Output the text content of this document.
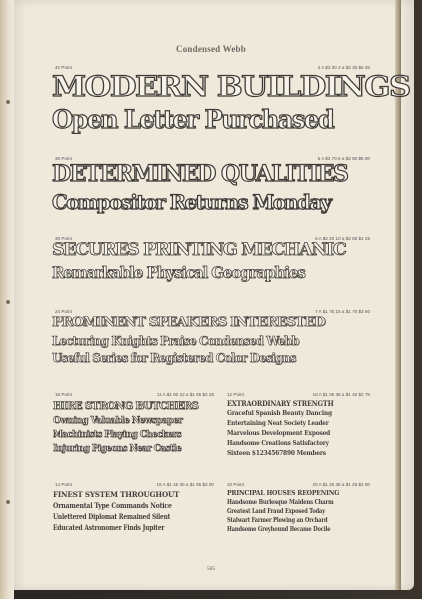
Condensed Webb
42 Point	4 A $3 30 3 a $3 35 $6 25
MODERN BUILDINGS
Open Letter Purchased
36 Point	5 A $2 70 5 a $2 80 $5 00
DETERMINED QUALITIES
Compositor Returns Monday
30 Point	6 A $2 20 10 a $2 65 $4 25
SECURES PRINTING MECHANIC
Remarkable Physical Geographies
24 Point	7 A $1 75 15 a $1 75 $3 50
PROMINENT SPEAKERS INTERESTED
Lecturing Knights Praise Condensed Webb
Useful Series for Registered Color Designs
18 Point	11 A $1 60 22 a $1 65 $3 25
HIRE STRONG BUTCHERS
Owning Valuable Newspaper
Machinists Playing Checkers
Injuring Pigeons Near Castle
12 Point	18 A $1 05 36 a $1 40 $2 75
EXTRAORDINARY STRENGTH
Graceful Spanish Beauty Dancing
Entertaining Neat Society Leader
Marvelous Development Exposed
Handsome Creations Satisfactory
Sixteen $1234567890 Members
14 Point	15 A $1 45 30 a $1 55 $3 00
FINEST SYSTEM THROUGHOUT
Ornamental Type Commands Notice
Unlettered Diplomat Remained Silent
Educated Astronomer Finds Jupiter
10 Point	20 A $1 25 38 a $1 25 $2 50
PRINCIPAL HOUSES REOPENING
Handsome Burlesque Maidens Charm
Greatest Land Fraud Exposed Today
Stalwart Farmer Plowing an Orchard
Handsome Greyhound Became Docile
565
